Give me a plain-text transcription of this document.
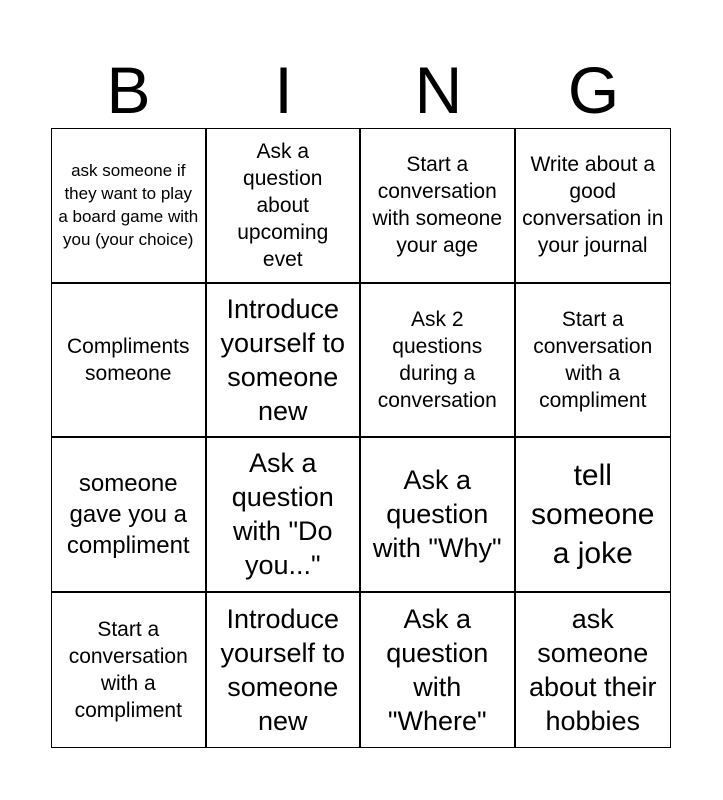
B	I	N	G
ask someone if they want to play a board game with you (your choice)
Ask a question about upcoming evet
Start a conversation with someone your age
Write about a good conversation in your journal
Compliments someone
Introduce yourself to someone new
Ask 2 questions during a conversation
Start a conversation with a compliment
someone gave you a compliment
Ask a question with "Do you..."
Ask a question with "Why"
tell someone a joke
Start a conversation with a compliment
Introduce yourself to someone new
Ask a question with "Where"
ask someone about their hobbies
